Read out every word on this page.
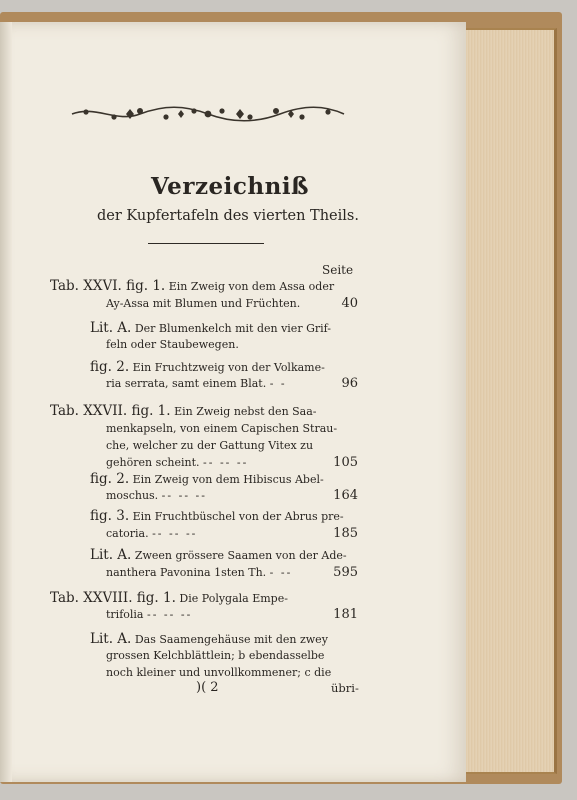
Verzeichniß
der Kupfertafeln des vierten Theils.
Seite
Tab. XXVI. fig. 1. Ein Zweig von dem Assa oder
Ay-Assa mit Blumen und Früchten.	40
Lit. A. Der Blumenkelch mit den vier Grif-
feln oder Staubewegen.
fig. 2. Ein Fruchtzweig von der Volkame-
ria serrata, samt einem Blat. - -	96
Tab. XXVII. fig. 1. Ein Zweig nebst den Saa-
menkapseln, von einem Capischen Strau-
che, welcher zu der Gattung Vitex zu
gehören scheint. -- -- --	105
fig. 2. Ein Zweig von dem Hibiscus Abel-
moschus. -- -- --	164
fig. 3. Ein Fruchtbüschel von der Abrus pre-
catoria. -- -- --	185
Lit. A. Zween grössere Saamen von der Ade-
nanthera Pavonina 1sten Th. - --	595
Tab. XXVIII. fig. 1. Die Polygala Empe-
trifolia -- -- --	181
Lit. A. Das Saamengehäuse mit den zwey
grossen Kelchblättlein; b ebendasselbe
noch kleiner und unvollkommener; c die
)( 2	übri-
